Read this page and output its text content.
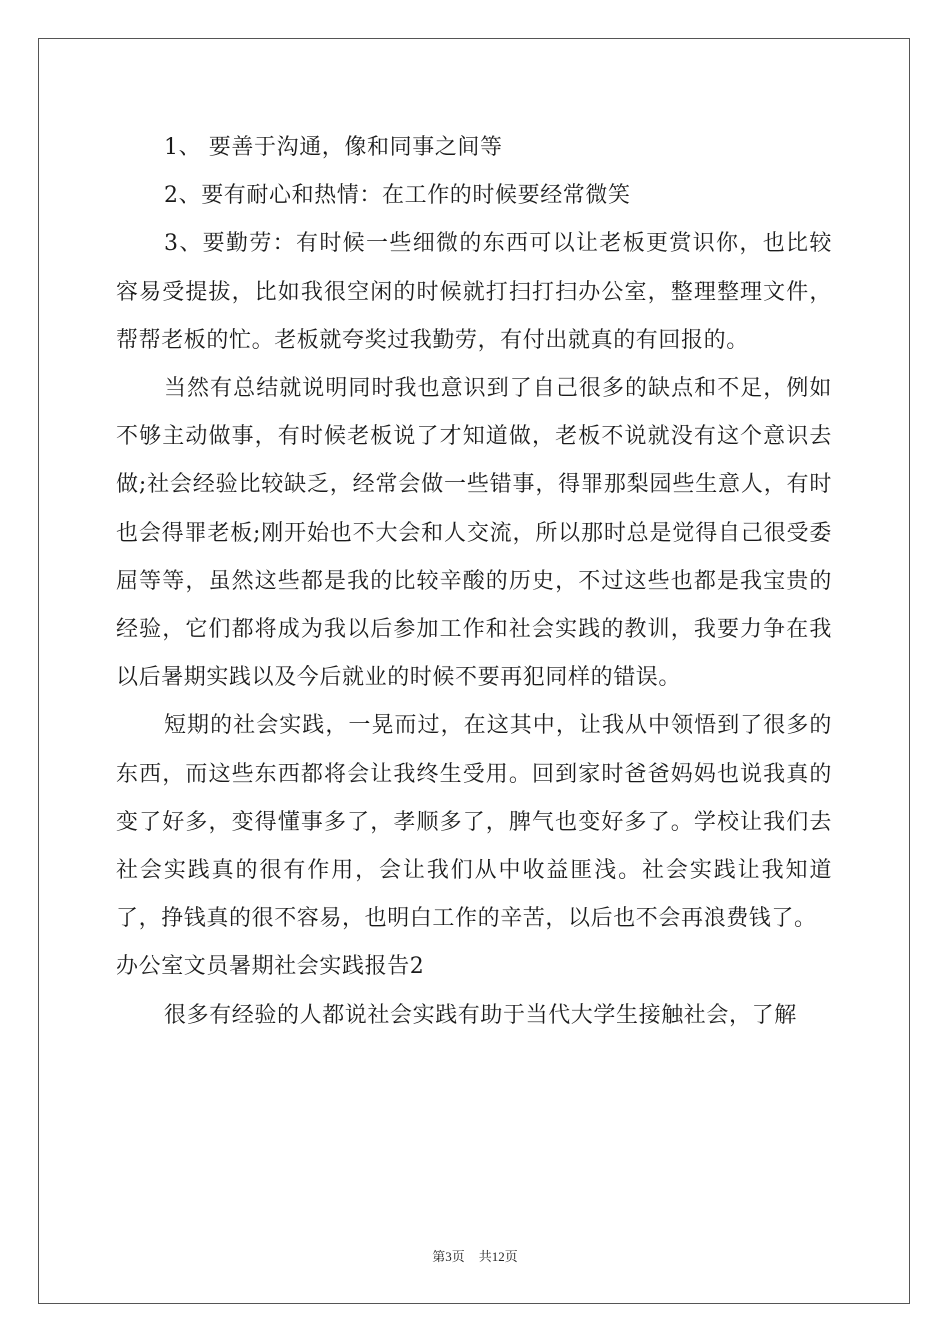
1、 要善于沟通，像和同事之间等

2、要有耐心和热情：在工作的时候要经常微笑

3、要勤劳：有时候一些细微的东西可以让老板更赏识你，也比较容易受提拔，比如我很空闲的时候就打扫打扫办公室，整理整理文件，帮帮老板的忙。老板就夸奖过我勤劳，有付出就真的有回报的。

当然有总结就说明同时我也意识到了自己很多的缺点和不足，例如不够主动做事，有时候老板说了才知道做，老板不说就没有这个意识去做;社会经验比较缺乏，经常会做一些错事，得罪那梨园些生意人，有时也会得罪老板;刚开始也不大会和人交流，所以那时总是觉得自己很受委屈等等，虽然这些都是我的比较辛酸的历史，不过这些也都是我宝贵的经验，它们都将成为我以后参加工作和社会实践的教训，我要力争在我以后暑期实践以及今后就业的时候不要再犯同样的错误。

短期的社会实践，一晃而过，在这其中，让我从中领悟到了很多的东西，而这些东西都将会让我终生受用。回到家时爸爸妈妈也说我真的变了好多，变得懂事多了，孝顺多了，脾气也变好多了。学校让我们去社会实践真的很有作用，会让我们从中收益匪浅。社会实践让我知道了，挣钱真的很不容易，也明白工作的辛苦，以后也不会再浪费钱了。

办公室文员暑期社会实践报告2

很多有经验的人都说社会实践有助于当代大学生接触社会，了解

第3页 共12页
